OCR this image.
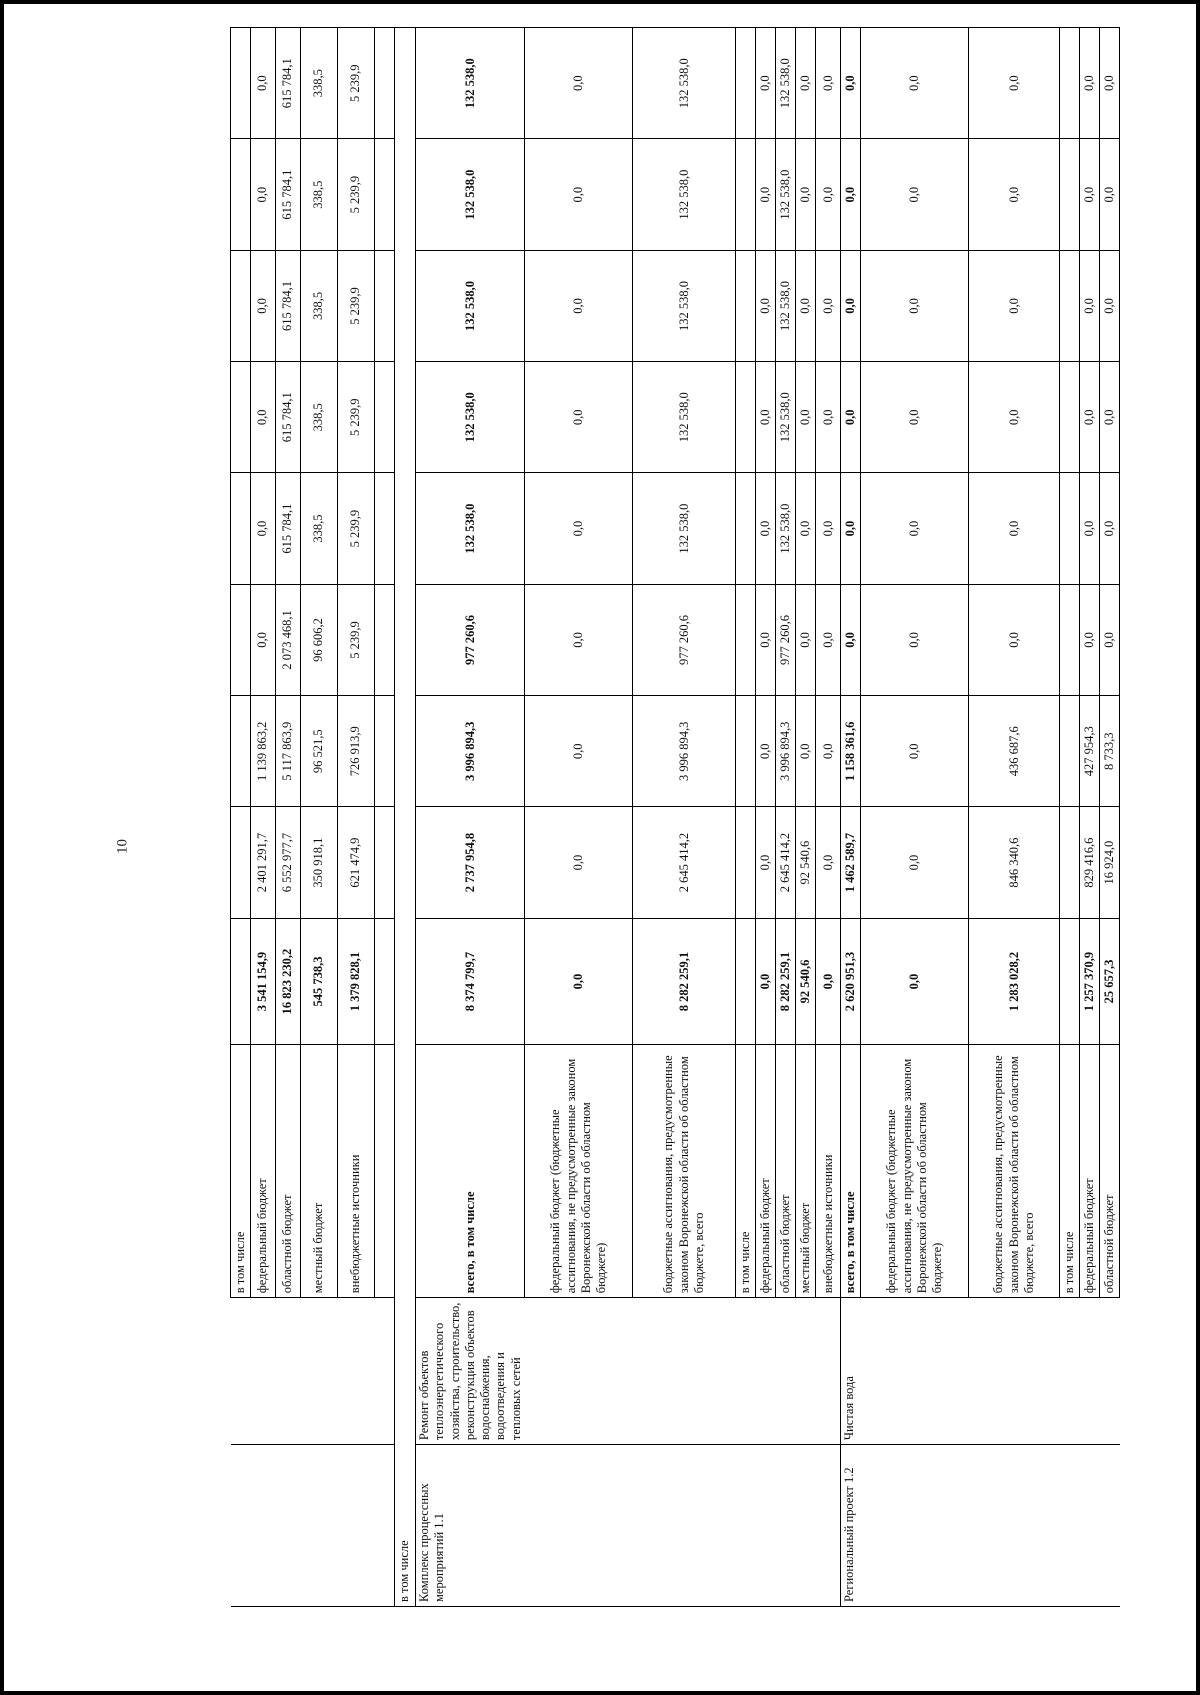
10
		в том числе									
		федеральный бюджет	3 541 154,9	2 401 291,7	1 139 863,2	0,0	0,0	0,0	0,0	0,0	0,0
		областной бюджет	16 823 230,2	6 552 977,7	5 117 863,9	2 073 468,1	615 784,1	615 784,1	615 784,1	615 784,1	615 784,1
		местный бюджет	545 738,3	350 918,1	96 521,5	96 606,2	338,5	338,5	338,5	338,5	338,5
		внебюджетные источники	1 379 828,1	621 474,9	726 913,9	5 239,9	5 239,9	5 239,9	5 239,9	5 239,9	5 239,9

в том числе											
Комплекс процессных мероприятий 1.1	Ремонт объектов теплоэнергетического хозяйства, строительство, реконструкция объектов водоснабжения, водоотведения и тепловых сетей	всего, в том числе	8 374 799,7	2 737 954,8	3 996 894,3	977 260,6	132 538,0	132 538,0	132 538,0	132 538,0	132 538,0
		федеральный бюджет (бюджетные ассигнования, не предусмотренные законом Воронежской области об областном бюджете)	0,0	0,0	0,0	0,0	0,0	0,0	0,0	0,0	0,0
		бюджетные ассигнования, предусмотренные законом Воронежской области об областном бюджете, всего	8 282 259,1	2 645 414,2	3 996 894,3	977 260,6	132 538,0	132 538,0	132 538,0	132 538,0	132 538,0
		в том числе									
		федеральный бюджет	0,0	0,0	0,0	0,0	0,0	0,0	0,0	0,0	0,0
		областной бюджет	8 282 259,1	2 645 414,2	3 996 894,3	977 260,6	132 538,0	132 538,0	132 538,0	132 538,0	132 538,0
		местный бюджет	92 540,6	92 540,6	0,0	0,0	0,0	0,0	0,0	0,0	0,0
		внебюджетные источники	0,0	0,0	0,0	0,0	0,0	0,0	0,0	0,0	0,0
Региональный проект 1.2	Чистая вода	всего, в том числе	2 620 951,3	1 462 589,7	1 158 361,6	0,0	0,0	0,0	0,0	0,0	0,0
		федеральный бюджет (бюджетные ассигнования, не предусмотренные законом Воронежской области об областном бюджете)	0,0	0,0	0,0	0,0	0,0	0,0	0,0	0,0	0,0
		бюджетные ассигнования, предусмотренные законом Воронежской области об областном бюджете, всего	1 283 028,2	846 340,6	436 687,6	0,0	0,0	0,0	0,0	0,0	0,0
		в том числе									
		федеральный бюджет	1 257 370,9	829 416,6	427 954,3	0,0	0,0	0,0	0,0	0,0	0,0
		областной бюджет	25 657,3	16 924,0	8 733,3	0,0	0,0	0,0	0,0	0,0	0,0
